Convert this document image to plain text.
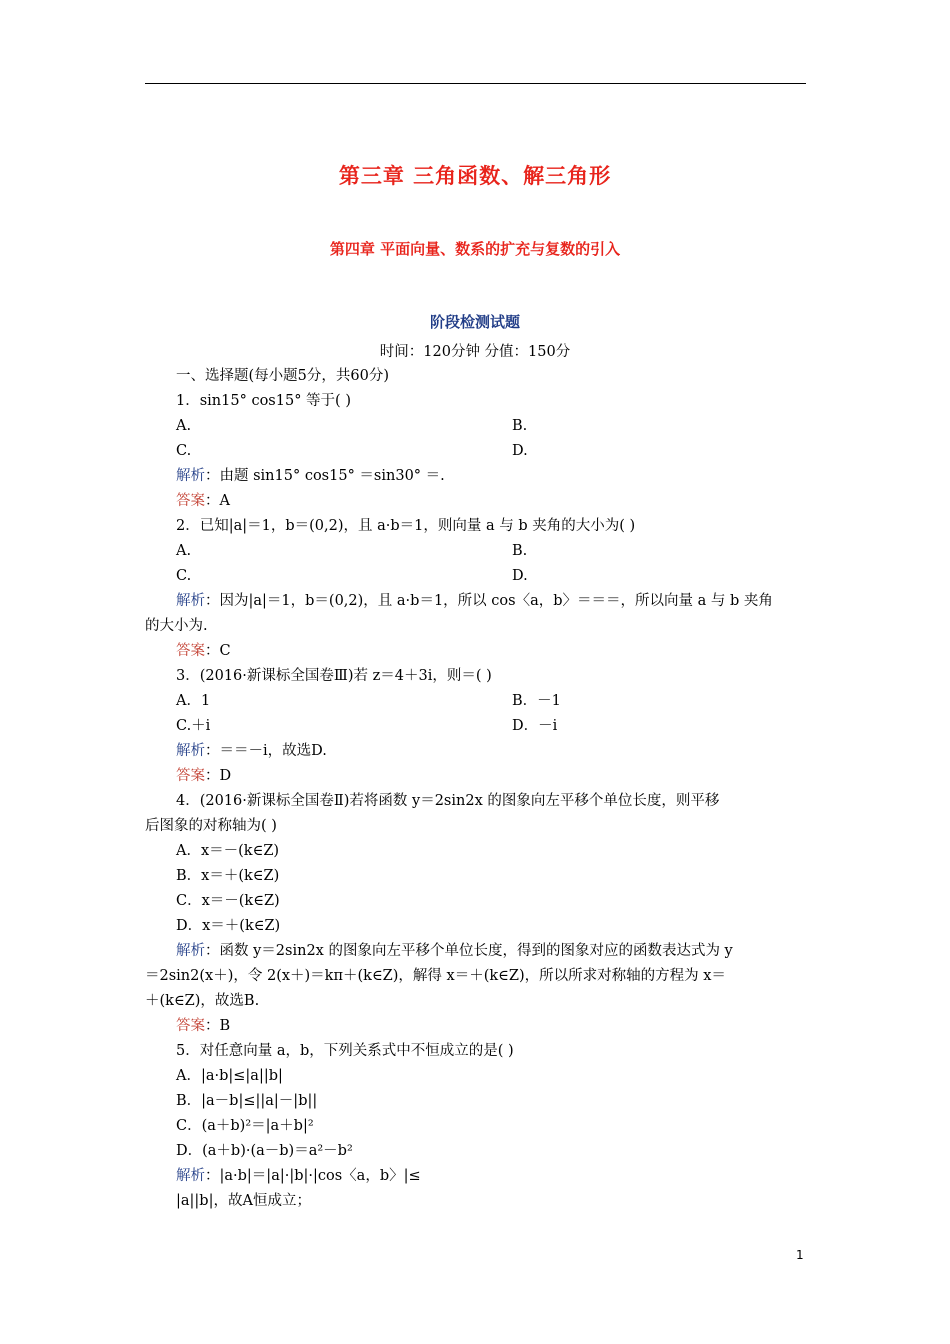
第三章 三角函数、解三角形
第四章 平面向量、数系的扩充与复数的引入
阶段检测试题
时间：120分钟 分值：150分
一、选择题(每小题5分，共60分)
1．sin15° cos15° 等于( )
A.	B.
C.	D.
解析：由题 sin15° cos15° ＝sin30° ＝.
答案：A
2．已知|a|＝1，b＝(0,2)，且 a·b＝1，则向量 a 与 b 夹角的大小为( )
A.	B.
C.	D.
解析：因为|a|＝1，b＝(0,2)，且 a·b＝1，所以 cos〈a，b〉＝＝＝，所以向量 a 与 b 夹角
的大小为.
答案：C
3．(2016·新课标全国卷Ⅲ)若 z＝4＋3i，则＝( )
A．1	B．－1
C.＋i	D．－i
解析：＝＝－i，故选D.
答案：D
4．(2016·新课标全国卷Ⅱ)若将函数 y＝2sin2x 的图象向左平移个单位长度，则平移
后图象的对称轴为( )
A．x＝－(k∈Z)
B．x＝＋(k∈Z)
C．x＝－(k∈Z)
D．x＝＋(k∈Z)
解析：函数 y＝2sin2x 的图象向左平移个单位长度，得到的图象对应的函数表达式为 y
＝2sin2(x＋)，令 2(x＋)＝kπ＋(k∈Z)，解得 x＝＋(k∈Z)，所以所求对称轴的方程为 x＝
＋(k∈Z)，故选B.
答案：B
5．对任意向量 a，b，下列关系式中不恒成立的是( )
A．|a·b|≤|a||b|
B．|a－b|≤||a|－|b||
C．(a＋b)²＝|a＋b|²
D．(a＋b)·(a－b)＝a²－b²
解析：|a·b|＝|a|·|b|·|cos〈a，b〉|≤
|a||b|，故A恒成立；
1
